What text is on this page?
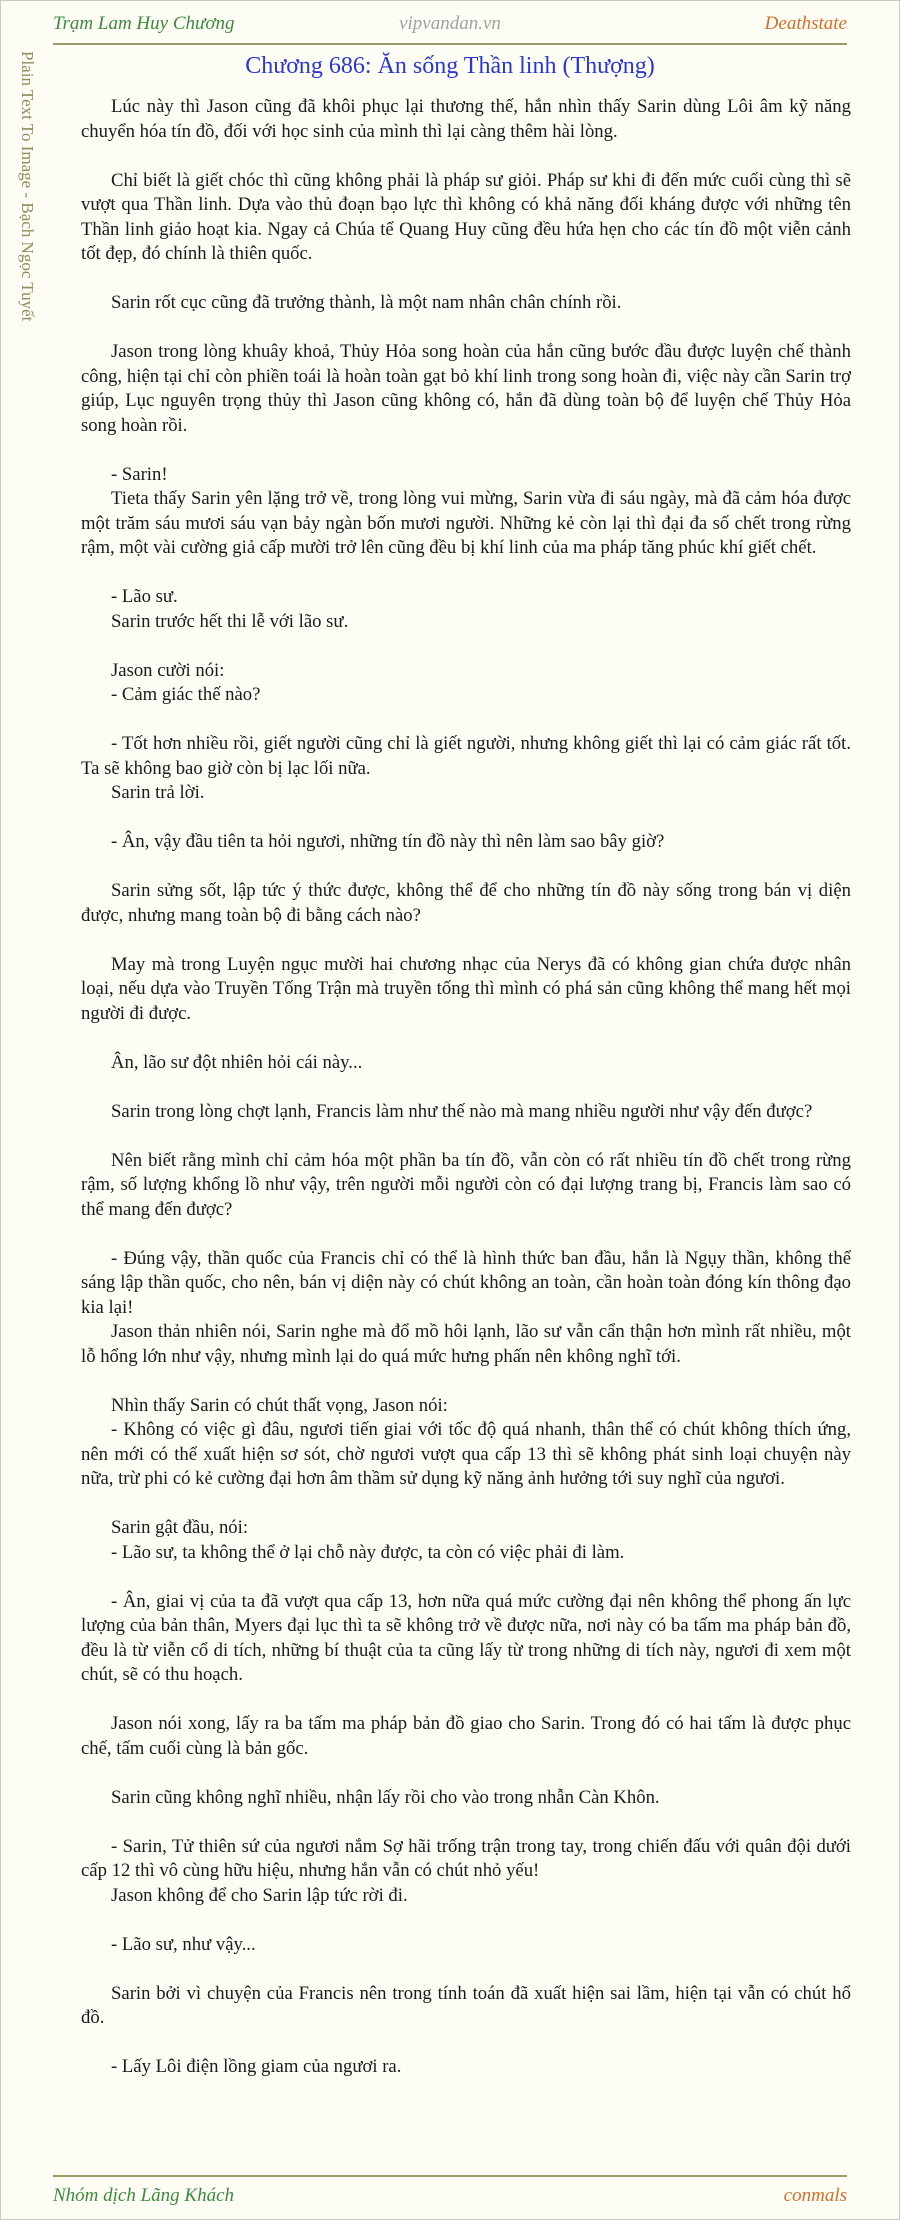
Plain Text To Image - Bạch Ngọc Tuyết
Trạm Lam Huy Chương	vipvandan.vn	Deathstate
Chương 686: Ăn sống Thần linh (Thượng)

Lúc này thì Jason cũng đã khôi phục lại thương thế, hắn nhìn thấy Sarin dùng Lôi âm kỹ năng chuyển hóa tín đồ, đối với học sinh của mình thì lại càng thêm hài lòng.

Chỉ biết là giết chóc thì cũng không phải là pháp sư giỏi. Pháp sư khi đi đến mức cuối cùng thì sẽ vượt qua Thần linh. Dựa vào thủ đoạn bạo lực thì không có khả năng đối kháng được với những tên Thần linh giảo hoạt kia. Ngay cả Chúa tể Quang Huy cũng đều hứa hẹn cho các tín đồ một viễn cảnh tốt đẹp, đó chính là thiên quốc.

Sarin rốt cục cũng đã trưởng thành, là một nam nhân chân chính rồi.

Jason trong lòng khuây khoả, Thủy Hỏa song hoàn của hắn cũng bước đầu được luyện chế thành công, hiện tại chỉ còn phiền toái là hoàn toàn gạt bỏ khí linh trong song hoàn đi, việc này cần Sarin trợ giúp, Lục nguyên trọng thủy thì Jason cũng không có, hắn đã dùng toàn bộ để luyện chế Thủy Hỏa song hoàn rồi.

- Sarin!

Tieta thấy Sarin yên lặng trở về, trong lòng vui mừng, Sarin vừa đi sáu ngày, mà đã cảm hóa được một trăm sáu mươi sáu vạn bảy ngàn bốn mươi người. Những kẻ còn lại thì đại đa số chết trong rừng rậm, một vài cường giả cấp mười trở lên cũng đều bị khí linh của ma pháp tăng phúc khí giết chết.

- Lão sư.

Sarin trước hết thi lễ với lão sư.

Jason cười nói:

- Cảm giác thế nào?

- Tốt hơn nhiều rồi, giết người cũng chỉ là giết người, nhưng không giết thì lại có cảm giác rất tốt. Ta sẽ không bao giờ còn bị lạc lối nữa.

Sarin trả lời.

- Ân, vậy đầu tiên ta hỏi ngươi, những tín đồ này thì nên làm sao bây giờ?

Sarin sửng sốt, lập tức ý thức được, không thể để cho những tín đồ này sống trong bán vị diện được, nhưng mang toàn bộ đi bằng cách nào?

May mà trong Luyện ngục mười hai chương nhạc của Nerys đã có không gian chứa được nhân loại, nếu dựa vào Truyền Tống Trận mà truyền tống thì mình có phá sản cũng không thể mang hết mọi người đi được.

Ân, lão sư đột nhiên hỏi cái này...

Sarin trong lòng chợt lạnh, Francis làm như thế nào mà mang nhiều người như vậy đến được?

Nên biết rằng mình chỉ cảm hóa một phần ba tín đồ, vẫn còn có rất nhiều tín đồ chết trong rừng rậm, số lượng khổng lồ như vậy, trên người mỗi người còn có đại lượng trang bị, Francis làm sao có thể mang đến được?

- Đúng vậy, thần quốc của Francis chỉ có thể là hình thức ban đầu, hắn là Ngụy thần, không thể sáng lập thần quốc, cho nên, bán vị diện này có chút không an toàn, cần hoàn toàn đóng kín thông đạo kia lại!

Jason thản nhiên nói, Sarin nghe mà đổ mồ hôi lạnh, lão sư vẫn cẩn thận hơn mình rất nhiều, một lỗ hổng lớn như vậy, nhưng mình lại do quá mức hưng phấn nên không nghĩ tới.

Nhìn thấy Sarin có chút thất vọng, Jason nói:

- Không có việc gì đâu, ngươi tiến giai với tốc độ quá nhanh, thân thể có chút không thích ứng, nên mới có thể xuất hiện sơ sót, chờ ngươi vượt qua cấp 13 thì sẽ không phát sinh loại chuyện này nữa, trừ phi có kẻ cường đại hơn âm thầm sử dụng kỹ năng ảnh hưởng tới suy nghĩ của ngươi.

Sarin gật đầu, nói:

- Lão sư, ta không thể ở lại chỗ này được, ta còn có việc phải đi làm.

- Ân, giai vị của ta đã vượt qua cấp 13, hơn nữa quá mức cường đại nên không thể phong ấn lực lượng của bản thân, Myers đại lục thì ta sẽ không trở về được nữa, nơi này có ba tấm ma pháp bản đồ, đều là từ viễn cổ di tích, những bí thuật của ta cũng lấy từ trong những di tích này, ngươi đi xem một chút, sẽ có thu hoạch.

Jason nói xong, lấy ra ba tấm ma pháp bản đồ giao cho Sarin. Trong đó có hai tấm là được phục chế, tấm cuối cùng là bản gốc.

Sarin cũng không nghĩ nhiều, nhận lấy rồi cho vào trong nhẫn Càn Khôn.

- Sarin, Tử thiên sứ của ngươi nắm Sợ hãi trống trận trong tay, trong chiến đấu với quân đội dưới cấp 12 thì vô cùng hữu hiệu, nhưng hắn vẫn có chút nhỏ yếu!

Jason không để cho Sarin lập tức rời đi.

- Lão sư, như vậy...

Sarin bởi vì chuyện của Francis nên trong tính toán đã xuất hiện sai lầm, hiện tại vẫn có chút hổ đồ.

- Lấy Lôi điện lồng giam của ngươi ra.

Nhóm dịch Lãng Khách	conmals
